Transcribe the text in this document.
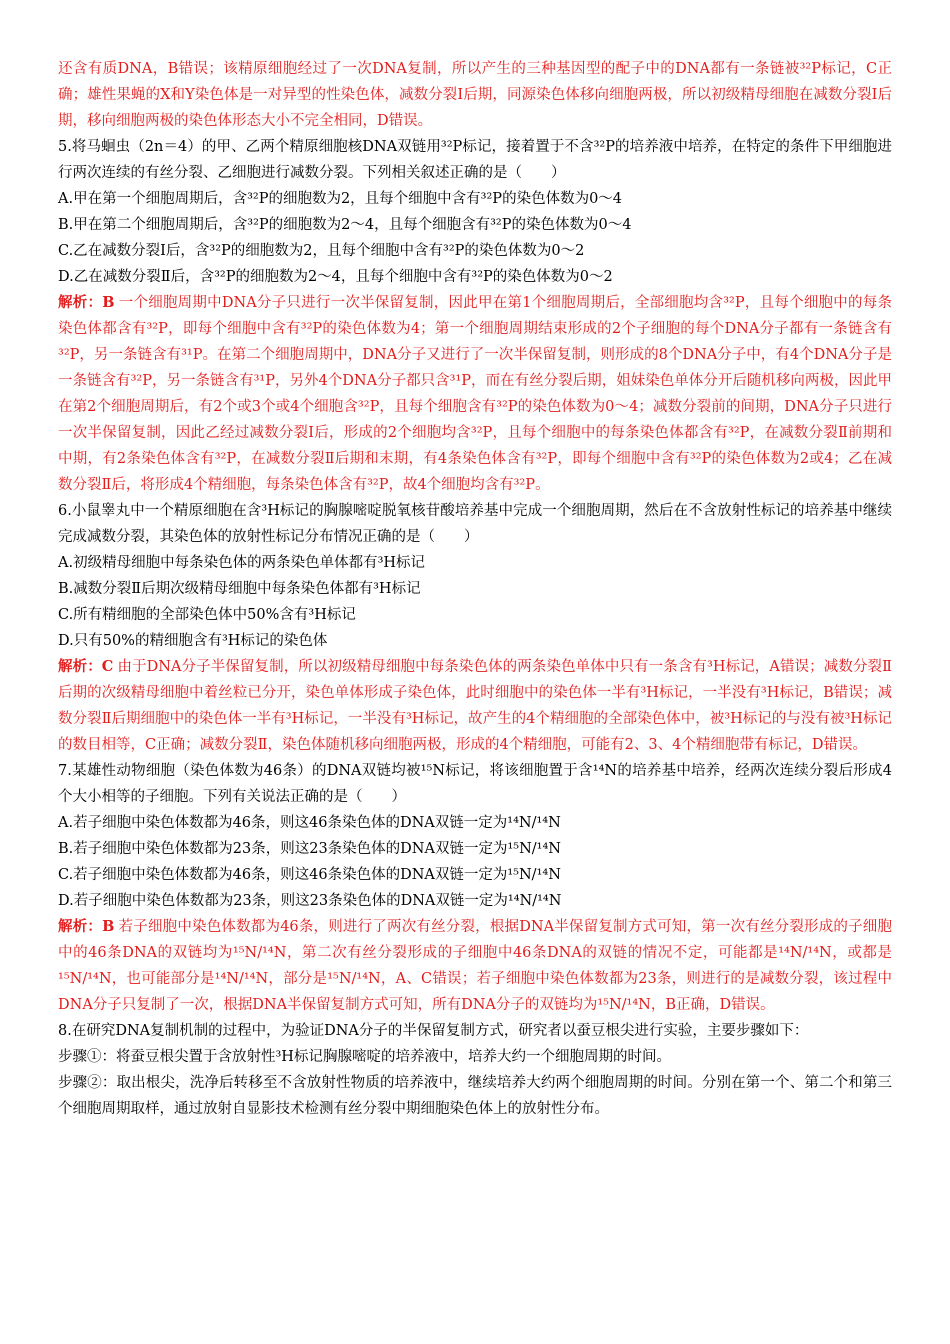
还含有质DNA，B错误；该精原细胞经过了一次DNA复制，所以产生的三种基因型的配子中的DNA都有一条链被³²P标记，C正确；雄性果蝇的X和Y染色体是一对异型的性染色体，减数分裂Ⅰ后期，同源染色体移向细胞两极，所以初级精母细胞在减数分裂Ⅰ后期，移向细胞两极的染色体形态大小不完全相同，D错误。

5.将马蛔虫（2n＝4）的甲、乙两个精原细胞核DNA双链用³²P标记，接着置于不含³²P的培养液中培养，在特定的条件下甲细胞进行两次连续的有丝分裂、乙细胞进行减数分裂。下列相关叙述正确的是（　　）

A.甲在第一个细胞周期后，含³²P的细胞数为2，且每个细胞中含有³²P的染色体数为0～4

B.甲在第二个细胞周期后，含³²P的细胞数为2～4，且每个细胞含有³²P的染色体数为0～4

C.乙在减数分裂Ⅰ后，含³²P的细胞数为2，且每个细胞中含有³²P的染色体数为0～2

D.乙在减数分裂Ⅱ后，含³²P的细胞数为2～4，且每个细胞中含有³²P的染色体数为0～2

解析：B 一个细胞周期中DNA分子只进行一次半保留复制，因此甲在第1个细胞周期后，全部细胞均含³²P，且每个细胞中的每条染色体都含有³²P，即每个细胞中含有³²P的染色体数为4；第一个细胞周期结束形成的2个子细胞的每个DNA分子都有一条链含有³²P，另一条链含有³¹P。在第二个细胞周期中，DNA分子又进行了一次半保留复制，则形成的8个DNA分子中，有4个DNA分子是一条链含有³²P，另一条链含有³¹P，另外4个DNA分子都只含³¹P，而在有丝分裂后期，姐妹染色单体分开后随机移向两极，因此甲在第2个细胞周期后，有2个或3个或4个细胞含³²P，且每个细胞含有³²P的染色体数为0～4；减数分裂前的间期，DNA分子只进行一次半保留复制，因此乙经过减数分裂Ⅰ后，形成的2个细胞均含³²P，且每个细胞中的每条染色体都含有³²P，在减数分裂Ⅱ前期和中期，有2条染色体含有³²P，在减数分裂Ⅱ后期和末期，有4条染色体含有³²P，即每个细胞中含有³²P的染色体数为2或4；乙在减数分裂Ⅱ后，将形成4个精细胞，每条染色体含有³²P，故4个细胞均含有³²P。

6.小鼠睾丸中一个精原细胞在含³H标记的胸腺嘧啶脱氧核苷酸培养基中完成一个细胞周期，然后在不含放射性标记的培养基中继续完成减数分裂，其染色体的放射性标记分布情况正确的是（　　）

A.初级精母细胞中每条染色体的两条染色单体都有³H标记

B.减数分裂Ⅱ后期次级精母细胞中每条染色体都有³H标记

C.所有精细胞的全部染色体中50%含有³H标记

D.只有50%的精细胞含有³H标记的染色体

解析：C 由于DNA分子半保留复制，所以初级精母细胞中每条染色体的两条染色单体中只有一条含有³H标记，A错误；减数分裂Ⅱ后期的次级精母细胞中着丝粒已分开，染色单体形成子染色体，此时细胞中的染色体一半有³H标记，一半没有³H标记，B错误；减数分裂Ⅱ后期细胞中的染色体一半有³H标记，一半没有³H标记，故产生的4个精细胞的全部染色体中，被³H标记的与没有被³H标记的数目相等，C正确；减数分裂Ⅱ，染色体随机移向细胞两极，形成的4个精细胞，可能有2、3、4个精细胞带有标记，D错误。

7.某雄性动物细胞（染色体数为46条）的DNA双链均被¹⁵N标记，将该细胞置于含¹⁴N的培养基中培养，经两次连续分裂后形成4个大小相等的子细胞。下列有关说法正确的是（　　）

A.若子细胞中染色体数都为46条，则这46条染色体的DNA双链一定为¹⁴N/¹⁴N

B.若子细胞中染色体数都为23条，则这23条染色体的DNA双链一定为¹⁵N/¹⁴N

C.若子细胞中染色体数都为46条，则这46条染色体的DNA双链一定为¹⁵N/¹⁴N

D.若子细胞中染色体数都为23条，则这23条染色体的DNA双链一定为¹⁴N/¹⁴N

解析：B 若子细胞中染色体数都为46条，则进行了两次有丝分裂，根据DNA半保留复制方式可知，第一次有丝分裂形成的子细胞中的46条DNA的双链均为¹⁵N/¹⁴N，第二次有丝分裂形成的子细胞中46条DNA的双链的情况不定，可能都是¹⁴N/¹⁴N，或都是¹⁵N/¹⁴N，也可能部分是¹⁴N/¹⁴N，部分是¹⁵N/¹⁴N，A、C错误；若子细胞中染色体数都为23条，则进行的是减数分裂，该过程中DNA分子只复制了一次，根据DNA半保留复制方式可知，所有DNA分子的双链均为¹⁵N/¹⁴N，B正确，D错误。

8.在研究DNA复制机制的过程中，为验证DNA分子的半保留复制方式，研究者以蚕豆根尖进行实验，主要步骤如下：

步骤①：将蚕豆根尖置于含放射性³H标记胸腺嘧啶的培养液中，培养大约一个细胞周期的时间。

步骤②：取出根尖，洗净后转移至不含放射性物质的培养液中，继续培养大约两个细胞周期的时间。分别在第一个、第二个和第三个细胞周期取样，通过放射自显影技术检测有丝分裂中期细胞染色体上的放射性分布。
